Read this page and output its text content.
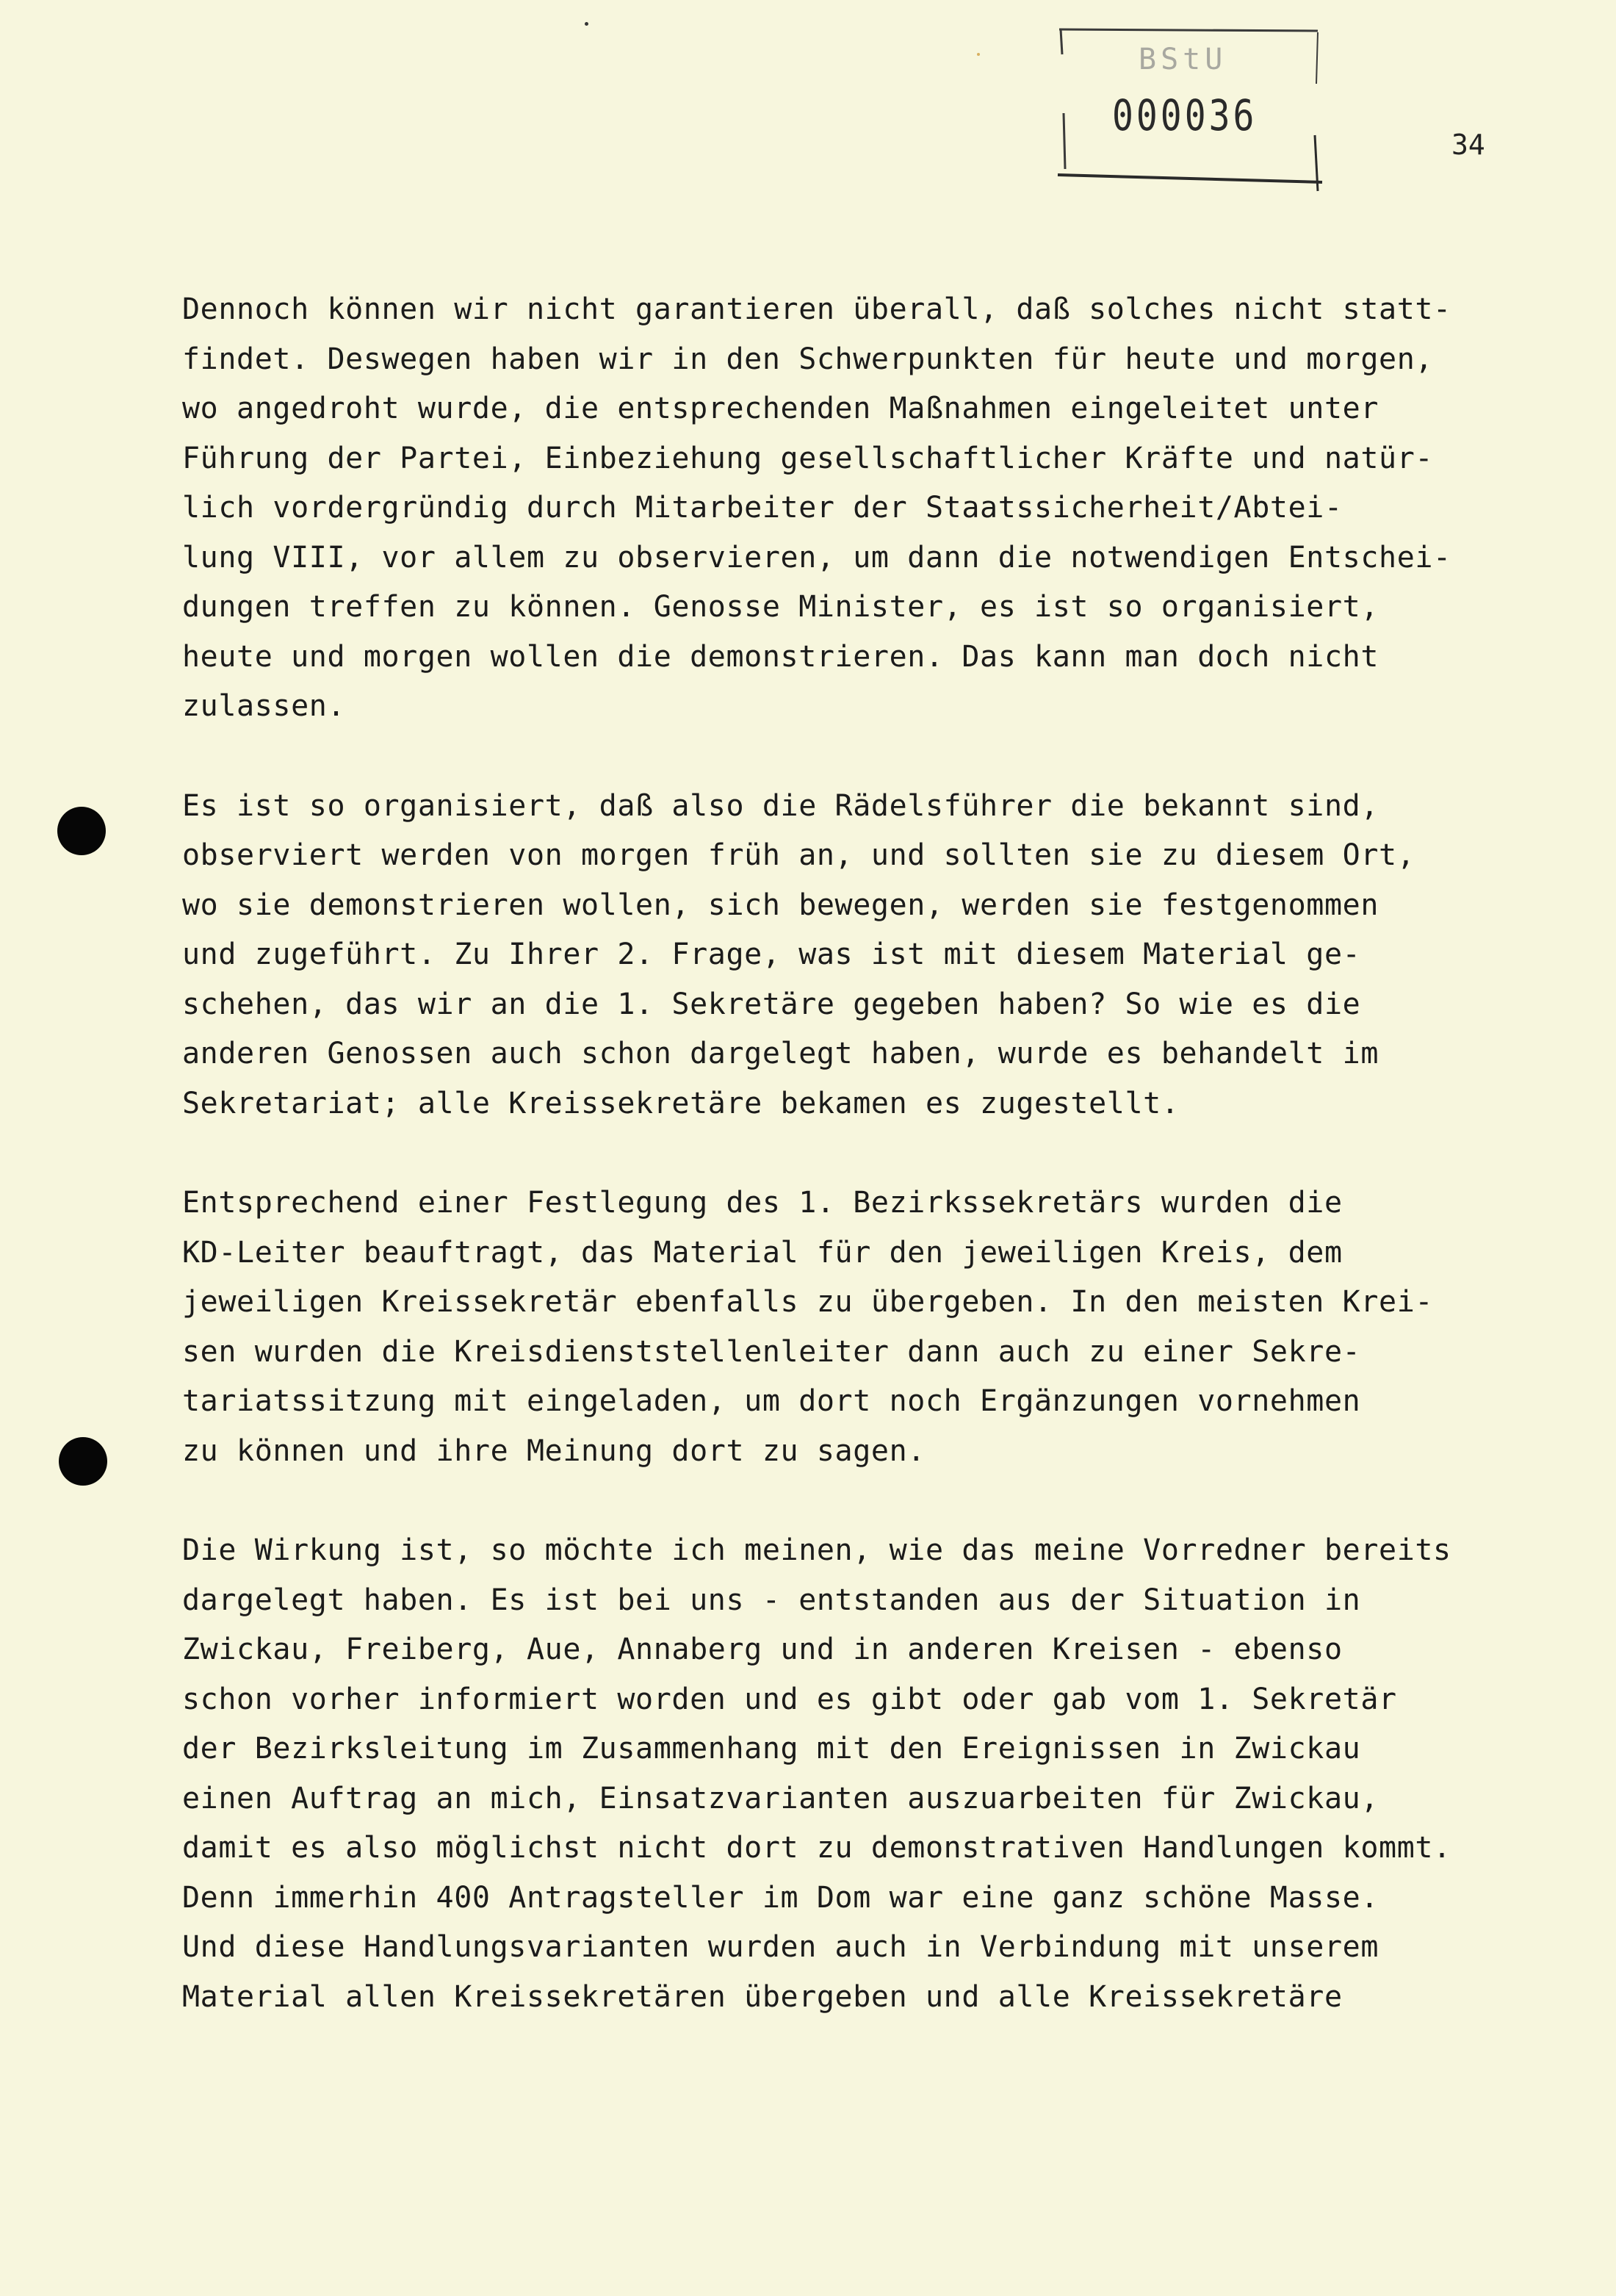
BStU
000036
34
Dennoch können wir nicht garantieren überall, daß solches nicht statt-
findet. Deswegen haben wir in den Schwerpunkten für heute und morgen,
wo angedroht wurde, die entsprechenden Maßnahmen eingeleitet unter
Führung der Partei, Einbeziehung gesellschaftlicher Kräfte und natür-
lich vordergründig durch Mitarbeiter der Staatssicherheit/Abtei-
lung VIII, vor allem zu observieren, um dann die notwendigen Entschei-
dungen treffen zu können. Genosse Minister, es ist so organisiert,
heute und morgen wollen die demonstrieren. Das kann man doch nicht
zulassen.
Es ist so organisiert, daß also die Rädelsführer die bekannt sind,
observiert werden von morgen früh an, und sollten sie zu diesem Ort,
wo sie demonstrieren wollen, sich bewegen, werden sie festgenommen
und zugeführt. Zu Ihrer 2. Frage, was ist mit diesem Material ge-
schehen, das wir an die 1. Sekretäre gegeben haben? So wie es die
anderen Genossen auch schon dargelegt haben, wurde es behandelt im
Sekretariat; alle Kreissekretäre bekamen es zugestellt.
Entsprechend einer Festlegung des 1. Bezirkssekretärs wurden die
KD-Leiter beauftragt, das Material für den jeweiligen Kreis, dem
jeweiligen Kreissekretär ebenfalls zu übergeben. In den meisten Krei-
sen wurden die Kreisdienststellenleiter dann auch zu einer Sekre-
tariatssitzung mit eingeladen, um dort noch Ergänzungen vornehmen
zu können und ihre Meinung dort zu sagen.
Die Wirkung ist, so möchte ich meinen, wie das meine Vorredner bereits
dargelegt haben. Es ist bei uns - entstanden aus der Situation in
Zwickau, Freiberg, Aue, Annaberg und in anderen Kreisen - ebenso
schon vorher informiert worden und es gibt oder gab vom 1. Sekretär
der Bezirksleitung im Zusammenhang mit den Ereignissen in Zwickau
einen Auftrag an mich, Einsatzvarianten auszuarbeiten für Zwickau,
damit es also möglichst nicht dort zu demonstrativen Handlungen kommt.
Denn immerhin 400 Antragsteller im Dom war eine ganz schöne Masse.
Und diese Handlungsvarianten wurden auch in Verbindung mit unserem
Material allen Kreissekretären übergeben und alle Kreissekretäre
